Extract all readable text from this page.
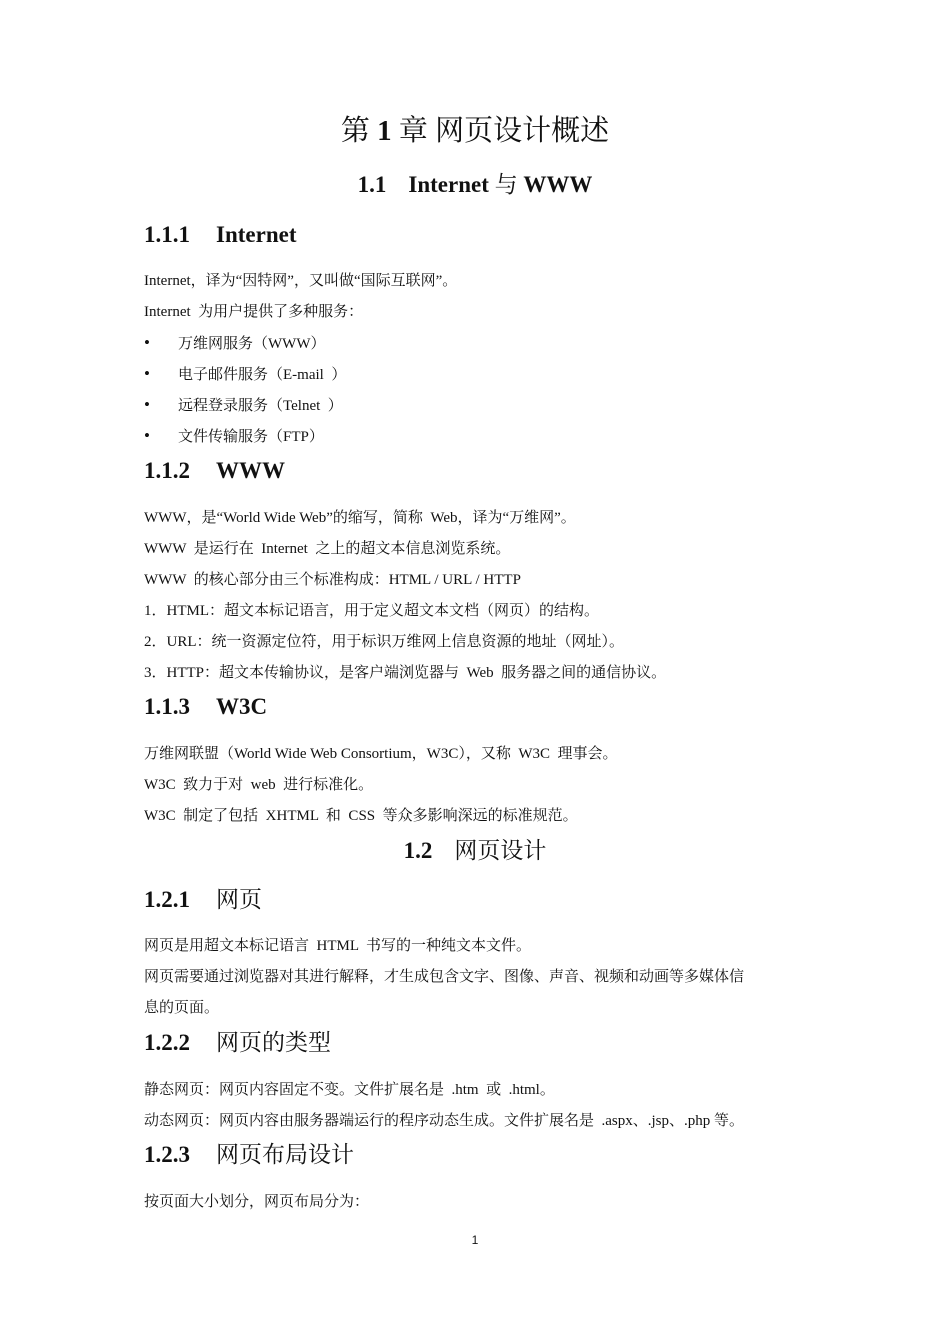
第 1 章 网页设计概述
1.1 Internet 与 WWW
1.1.1 Internet
Internet，译为“因特网”，又叫做“国际互联网”。
Internet  为用户提供了多种服务：
• 万维网服务（WWW）
• 电子邮件服务（E-mail  ）
• 远程登录服务（Telnet  ）
• 文件传输服务（FTP）
1.1.2 WWW
WWW，是“World Wide Web”的缩写，简称  Web，译为“万维网”。
WWW  是运行在  Internet  之上的超文本信息浏览系统。
WWW  的核心部分由三个标准构成：HTML / URL / HTTP
1．HTML：超文本标记语言，用于定义超文本文档（网页）的结构。
2．URL：统一资源定位符，用于标识万维网上信息资源的地址（网址）。
3．HTTP：超文本传输协议，是客户端浏览器与  Web  服务器之间的通信协议。
1.1.3 W3C
万维网联盟（World Wide Web Consortium，W3C），又称  W3C  理事会。
W3C  致力于对  web  进行标准化。
W3C  制定了包括  XHTML  和  CSS  等众多影响深远的标准规范。
1.2 网页设计
1.2.1 网页
网页是用超文本标记语言  HTML  书写的一种纯文本文件。
网页需要通过浏览器对其进行解释，才生成包含文字、图像、声音、视频和动画等多媒体信
息的页面。
1.2.2 网页的类型
静态网页：网页内容固定不变。文件扩展名是  .htm  或  .html。
动态网页：网页内容由服务器端运行的程序动态生成。文件扩展名是  .aspx、.jsp、.php 等。
1.2.3 网页布局设计
按页面大小划分，网页布局分为：
1
